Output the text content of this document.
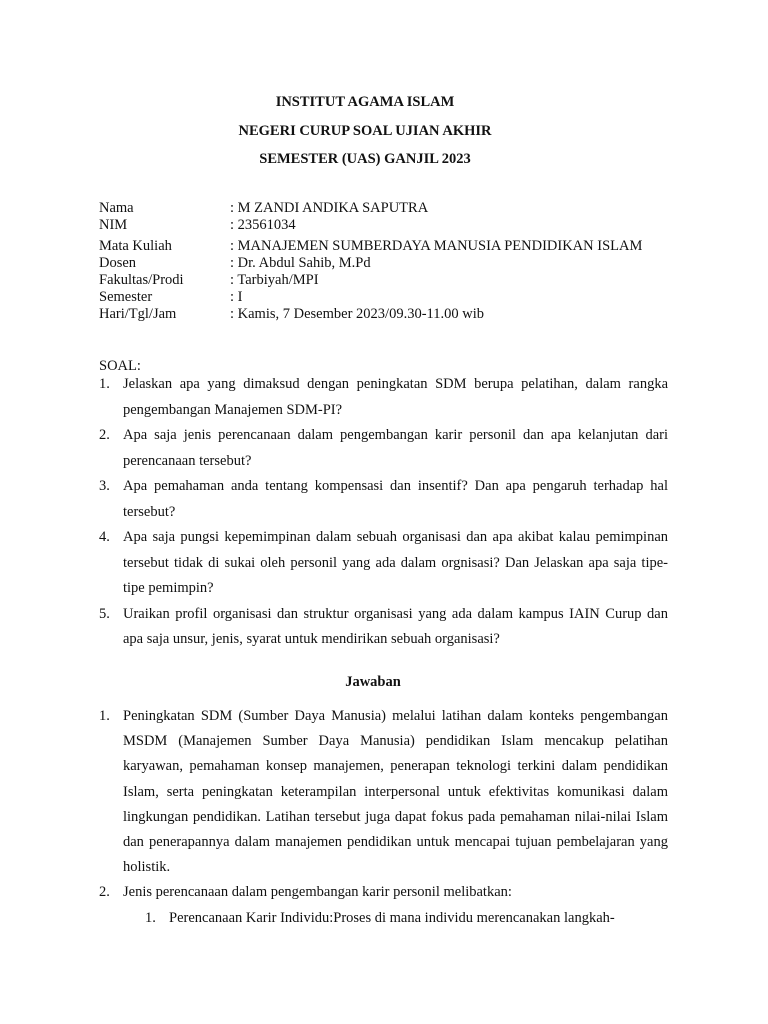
INSTITUT AGAMA ISLAM
NEGERI CURUP SOAL UJIAN AKHIR
SEMESTER (UAS) GANJIL 2023
Nama	: M ZANDI ANDIKA SAPUTRA
NIM	: 23561034
Mata Kuliah	: MANAJEMEN SUMBERDAYA MANUSIA PENDIDIKAN ISLAM
Dosen	: Dr. Abdul Sahib, M.Pd
Fakultas/Prodi	: Tarbiyah/MPI
Semester	: I
Hari/Tgl/Jam	: Kamis, 7 Desember 2023/09.30-11.00 wib
SOAL:
1. Jelaskan apa yang dimaksud dengan peningkatan SDM berupa pelatihan, dalam rangka pengembangan Manajemen SDM-PI?
2. Apa saja jenis perencanaan dalam pengembangan karir personil dan apa kelanjutan dari perencanaan tersebut?
3. Apa pemahaman anda tentang kompensasi dan insentif? Dan apa pengaruh terhadap hal tersebut?
4. Apa saja pungsi kepemimpinan dalam sebuah organisasi dan apa akibat kalau pemimpinan tersebut tidak di sukai oleh personil yang ada dalam orgnisasi? Dan Jelaskan apa saja tipe-tipe pemimpin?
5. Uraikan profil organisasi dan struktur organisasi yang ada dalam kampus IAIN Curup dan apa saja unsur, jenis, syarat untuk mendirikan sebuah organisasi?
Jawaban
1. Peningkatan SDM (Sumber Daya Manusia) melalui latihan dalam konteks pengembangan MSDM (Manajemen Sumber Daya Manusia) pendidikan Islam mencakup pelatihan karyawan, pemahaman konsep manajemen, penerapan teknologi terkini dalam pendidikan Islam, serta peningkatan keterampilan interpersonal untuk efektivitas komunikasi dalam lingkungan pendidikan. Latihan tersebut juga dapat fokus pada pemahaman nilai-nilai Islam dan penerapannya dalam manajemen pendidikan untuk mencapai tujuan pembelajaran yang holistik.
2. Jenis perencanaan dalam pengembangan karir personil melibatkan:
1. Perencanaan Karir Individu:Proses di mana individu merencanakan langkah-
